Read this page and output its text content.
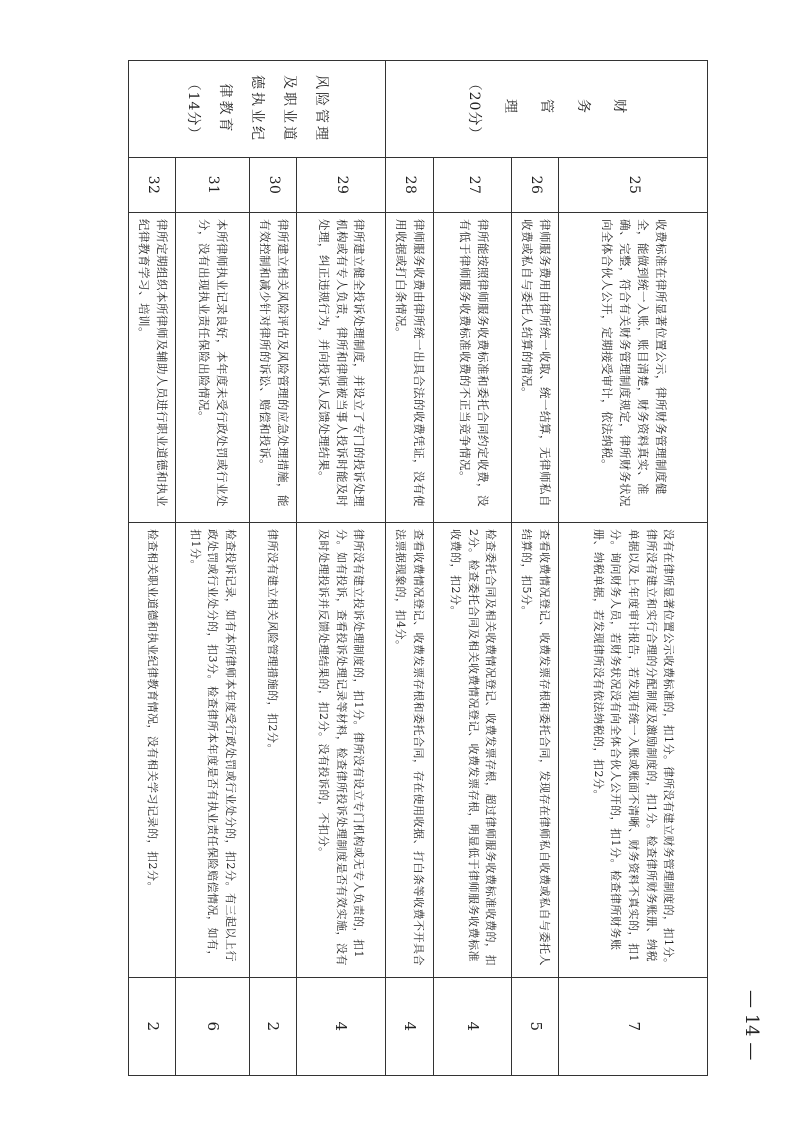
财
务
管
理
（20分）	25	收费标准在律所显著位置公示，律所财务管理制度健全，能做到统一入账，账目清楚，财务资料真实、准确、完整，符合有关财务管理制度规定，律所财务状况向全体合伙人公开，定期接受审计，依法纳税。	没有在律所显著位置公示收费标准的，扣1分。律所没有建立财务管理制度的，扣1分。律所没有建立和实行合理的分配制度及激励制度的，扣1分。检查律所财务账册、纳税单据以及上年度审计报告，若发现有统一入账或账面不清晰、财务资料不真实的，扣1分。询问财务人员，若财务状况没有向全体合伙人公开的，扣1分。检查律所财务账册、纳税单据，若发现律所没有依法纳税的，扣2分。	7
	26	律师服务费用由律所统一收取、统一结算，无律师私自收费或私自与委托人结算的情况。	查看收费情况登记、收费发票存根和委托合同，发现存在律师私自收费或私自与委托人结算的，扣5分。	5
	27	律所能按照律师服务收费标准和委托合同约定收费，没有低于律师服务收费标准收费的不正当竞争情况。	检查委托合同及相关收费情况登记、收费发票存根，超过律师服务收费标准收费的，扣2分。检查委托合同及相关收费情况登记、收费发票存根，明显低于律师服务收费标准收费的，扣2分。	4
	28	律师服务收费由律所统一出具合法的收费凭证，没有使用收据或打白条情况。	查看收费情况登记、收费发票存根和委托合同，存在使用收据、打白条等收费不开具合法票据现象的，扣4分。	4

风险管理
及职业道
德执业纪
律教育
（14分）	29	律所建立健全投诉处理制度，并设立了专门的投诉处理机构或有专人负责，律所和律师被当事人投诉时能及时处理，纠正违规行为，并向投诉人反馈处理结果。	律所没有建立投诉处理制度的，扣1分。律所没有设立专门机构或无专人负责的，扣1分。如有投诉，查看投诉处理记录等材料，检查律所投诉处理制度是否有效实施，没有及时处理投诉并反馈处理结果的，扣2分。没有投诉的，不扣分。	4
	30	律所建立相关风险评估及风险管理的应急处理措施，能有效控制和减少针对律所的诉讼、赔偿和投诉。	律所没有建立相关风险管理措施的，扣2分。	2
	31	本所律师执业记录良好，本年度未受行政处罚或行业处分，没有出现执业责任保险出险情况。	检查投诉记录，如有本所律师本年度受行政处罚或行业处分的，扣2分。有三起以上行政处罚或行业处分的，扣3分。检查律所本年度是否有执业责任保险赔偿情况，如有，扣1分。	6
	32	律所定期组织本所律师及辅助人员进行职业道德和执业纪律教育学习、培训。	检查相关职业道德和执业纪律教育情况，没有相关学习记录的，扣2分。	2	— 14 —
